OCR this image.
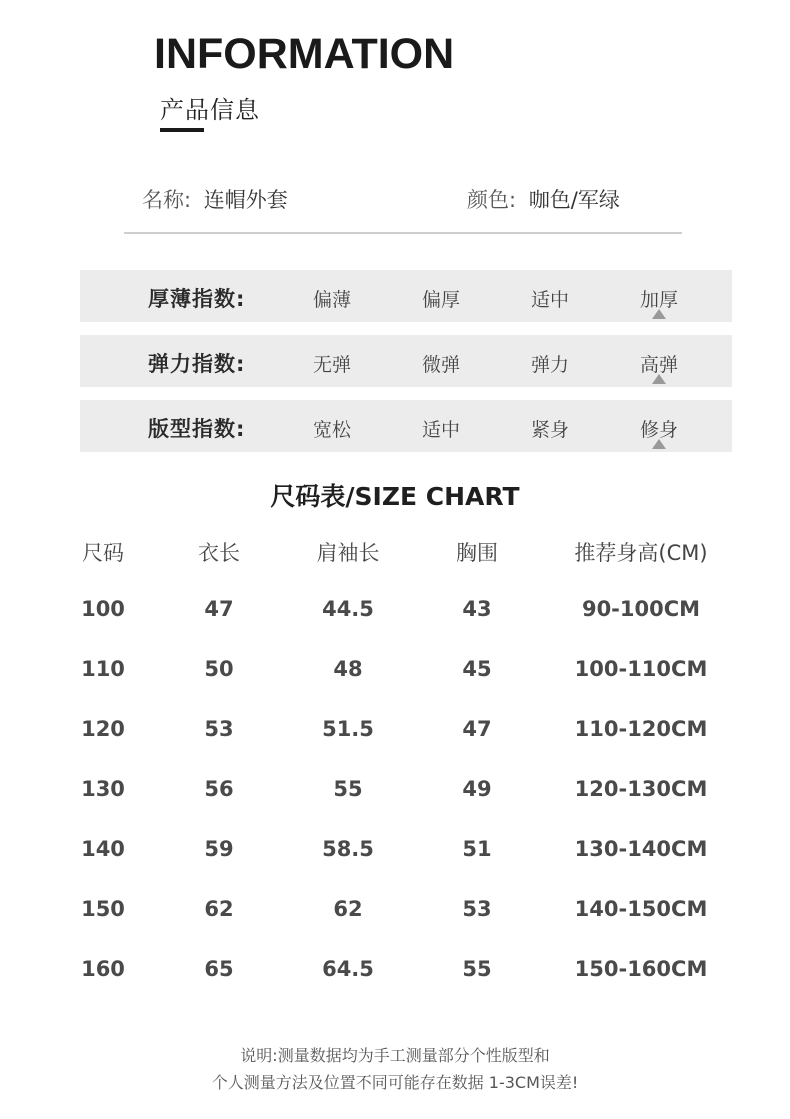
INFORMATION
产品信息
名称: 连帽外套	颜色: 咖色/军绿
厚薄指数:	偏薄	偏厚	适中	加厚
弹力指数:	无弹	微弹	弹力	高弹
版型指数:	宽松	适中	紧身	修身
尺码表/SIZE CHART
尺码	衣长	肩袖长	胸围	推荐身高(CM)
100	47	44.5	43	90-100CM
110	50	48	45	100-110CM
120	53	51.5	47	110-120CM
130	56	55	49	120-130CM
140	59	58.5	51	130-140CM
150	62	62	53	140-150CM
160	65	64.5	55	150-160CM
说明:测量数据均为手工测量部分个性版型和
个人测量方法及位置不同可能存在数据 1-3CM误差!
